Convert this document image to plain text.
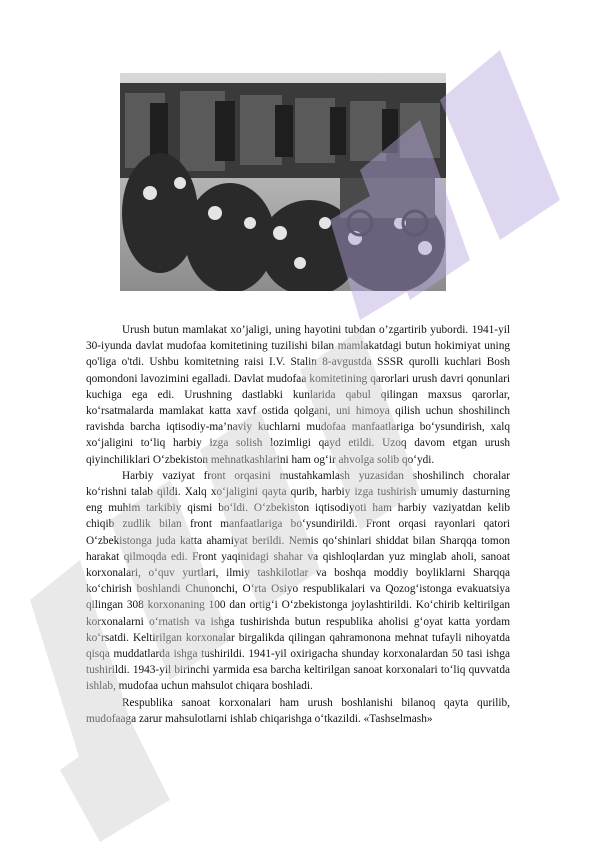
Urush butun mamlakat xo’jaligi, uning hayotini tubdan o’zgartirib yubordi. 1941-yil 30-iyunda davlat mudofaa komitetining tuzilishi bilan mamlakatdagi butun hokimiyat uning qo'liga o'tdi. Ushbu komitetning raisi I.V. Stalin 8-avgustda SSSR qurolli kuchlari Bosh qomondoni lavozimini egalladi. Davlat mudofaa komitetining qarorlari urush davri qonunlari kuchiga ega edi. Urushning dastlabki kunlarida qabul qilingan maxsus qarorlar, ko‘rsatmalarda mamlakat katta xavf ostida qolgani, uni himoya qilish uchun shoshilinch ravishda barcha iqtisodiy-ma’naviy kuchlarni mudofaa manfaatlariga bo‘ysundirish, xalq xo‘jaligini to‘liq harbiy izga solish lozimligi qayd etildi. Uzoq davom etgan urush qiyinchiliklari O‘zbekiston mehnatkashlarini ham og‘ir ahvolga solib qo‘ydi.

Harbiy vaziyat front orqasini mustahkamlash yuzasidan shoshilinch choralar ko‘rishni talab qildi. Xalq xo‘jaligini qayta qurib, harbiy izga tushirish umumiy dasturning eng muhim tarkibiy qismi bo‘ldi. O‘zbekiston iqtisodiyoti ham harbiy vaziyatdan kelib chiqib zudlik bilan front manfaatlariga bo‘ysundirildi. Front orqasi rayonlari qatori O‘zbekistonga juda katta ahamiyat berildi. Nemis qo‘shinlari shiddat bilan Sharqqa tomon harakat qilmoqda edi. Front yaqinidagi shahar va qishloqlardan yuz minglab aholi, sanoat korxonalari, o‘quv yurtlari, ilmiy tashkilotlar va boshqa moddiy boyliklarni Sharqqa ko‘chirish boshlandi Chunonchi, O‘rta Osiyo respublikalari va Qozog‘istonga evakuatsiya qilingan 308 korxonaning 100 dan ortig‘i O‘zbekistonga joylashtirildi. Ko‘chirib keltirilgan korxonalarni o‘rnatish va ishga tushirishda butun respublika aholisi g‘oyat katta yordam ko‘rsatdi. Keltirilgan korxonalar birgalikda qilingan qahramonona mehnat tufayli nihoyatda qisqa muddatlarda ishga tushirildi. 1941-yil oxirigacha shunday korxonalardan 50 tasi ishga tushirildi. 1943-yil birinchi yarmida esa barcha keltirilgan sanoat korxonalari to‘liq quvvatda ishlab, mudofaa uchun mahsulot chiqara boshladi.

Respublika sanoat korxonalari ham urush boshlanishi bilanoq qayta qurilib, mudofaaga zarur mahsulotlarni ishlab chiqarishga o‘tkazildi. «Tashselmash»
